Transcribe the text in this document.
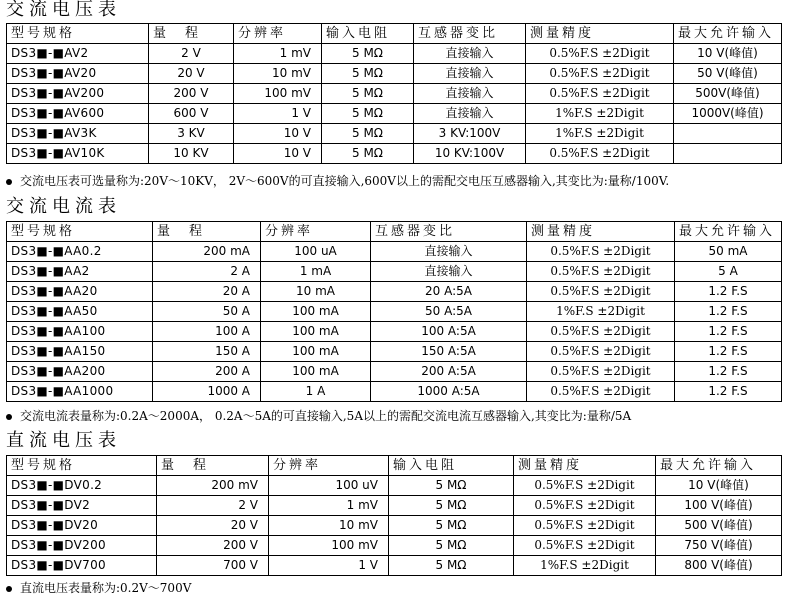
交流电压表
型号规格	量　程	分辨率	输入电阻	互感器变比	测量精度	最大允许输入
DS3■-■AV2	2 V	1 mV	5 MΩ	直接输入	0.5%F.S ±2Digit	10 V(峰值)
DS3■-■AV20	20 V	10 mV	5 MΩ	直接输入	0.5%F.S ±2Digit	50 V(峰值)
DS3■-■AV200	200 V	100 mV	5 MΩ	直接输入	0.5%F.S ±2Digit	500V(峰值)
DS3■-■AV600	600 V	1 V	5 MΩ	直接输入	1%F.S ±2Digit	1000V(峰值)
DS3■-■AV3K	3 KV	10 V	5 MΩ	3 KV:100V	1%F.S ±2Digit	
DS3■-■AV10K	10 KV	10 V	5 MΩ	10 KV:100V	0.5%F.S ±2Digit	
交流电压表可选量称为:20V～10KV， 2V～600V的可直接输入,600V以上的需配交电压互感器输入,其变比为:量称/100V.
交流电流表
型号规格	量　程	分辨率	互感器变比	测量精度	最大允许输入
DS3■-■AA0.2	200 mA	100 uA	直接输入	0.5%F.S ±2Digit	50 mA
DS3■-■AA2	2 A	1 mA	直接输入	0.5%F.S ±2Digit	5 A
DS3■-■AA20	20 A	10 mA	20 A:5A	0.5%F.S ±2Digit	1.2 F.S
DS3■-■AA50	50 A	100 mA	50 A:5A	1%F.S ±2Digit	1.2 F.S
DS3■-■AA100	100 A	100 mA	100 A:5A	0.5%F.S ±2Digit	1.2 F.S
DS3■-■AA150	150 A	100 mA	150 A:5A	0.5%F.S ±2Digit	1.2 F.S
DS3■-■AA200	200 A	100 mA	200 A:5A	0.5%F.S ±2Digit	1.2 F.S
DS3■-■AA1000	1000 A	1 A	1000 A:5A	0.5%F.S ±2Digit	1.2 F.S
交流电流表量称为:0.2A～2000A， 0.2A～5A的可直接输入,5A以上的需配交流电流互感器输入,其变比为:量称/5A
直流电压表
型号规格	量　程	分辨率	输入电阻	测量精度	最大允许输入
DS3■-■DV0.2	200 mV	100 uV	5 MΩ	0.5%F.S ±2Digit	10 V(峰值)
DS3■-■DV2	2 V	1 mV	5 MΩ	0.5%F.S ±2Digit	100 V(峰值)
DS3■-■DV20	20 V	10 mV	5 MΩ	0.5%F.S ±2Digit	500 V(峰值)
DS3■-■DV200	200 V	100 mV	5 MΩ	0.5%F.S ±2Digit	750 V(峰值)
DS3■-■DV700	700 V	1 V	5 MΩ	1%F.S ±2Digit	800 V(峰值)
直流电压表量称为:0.2V～700V
